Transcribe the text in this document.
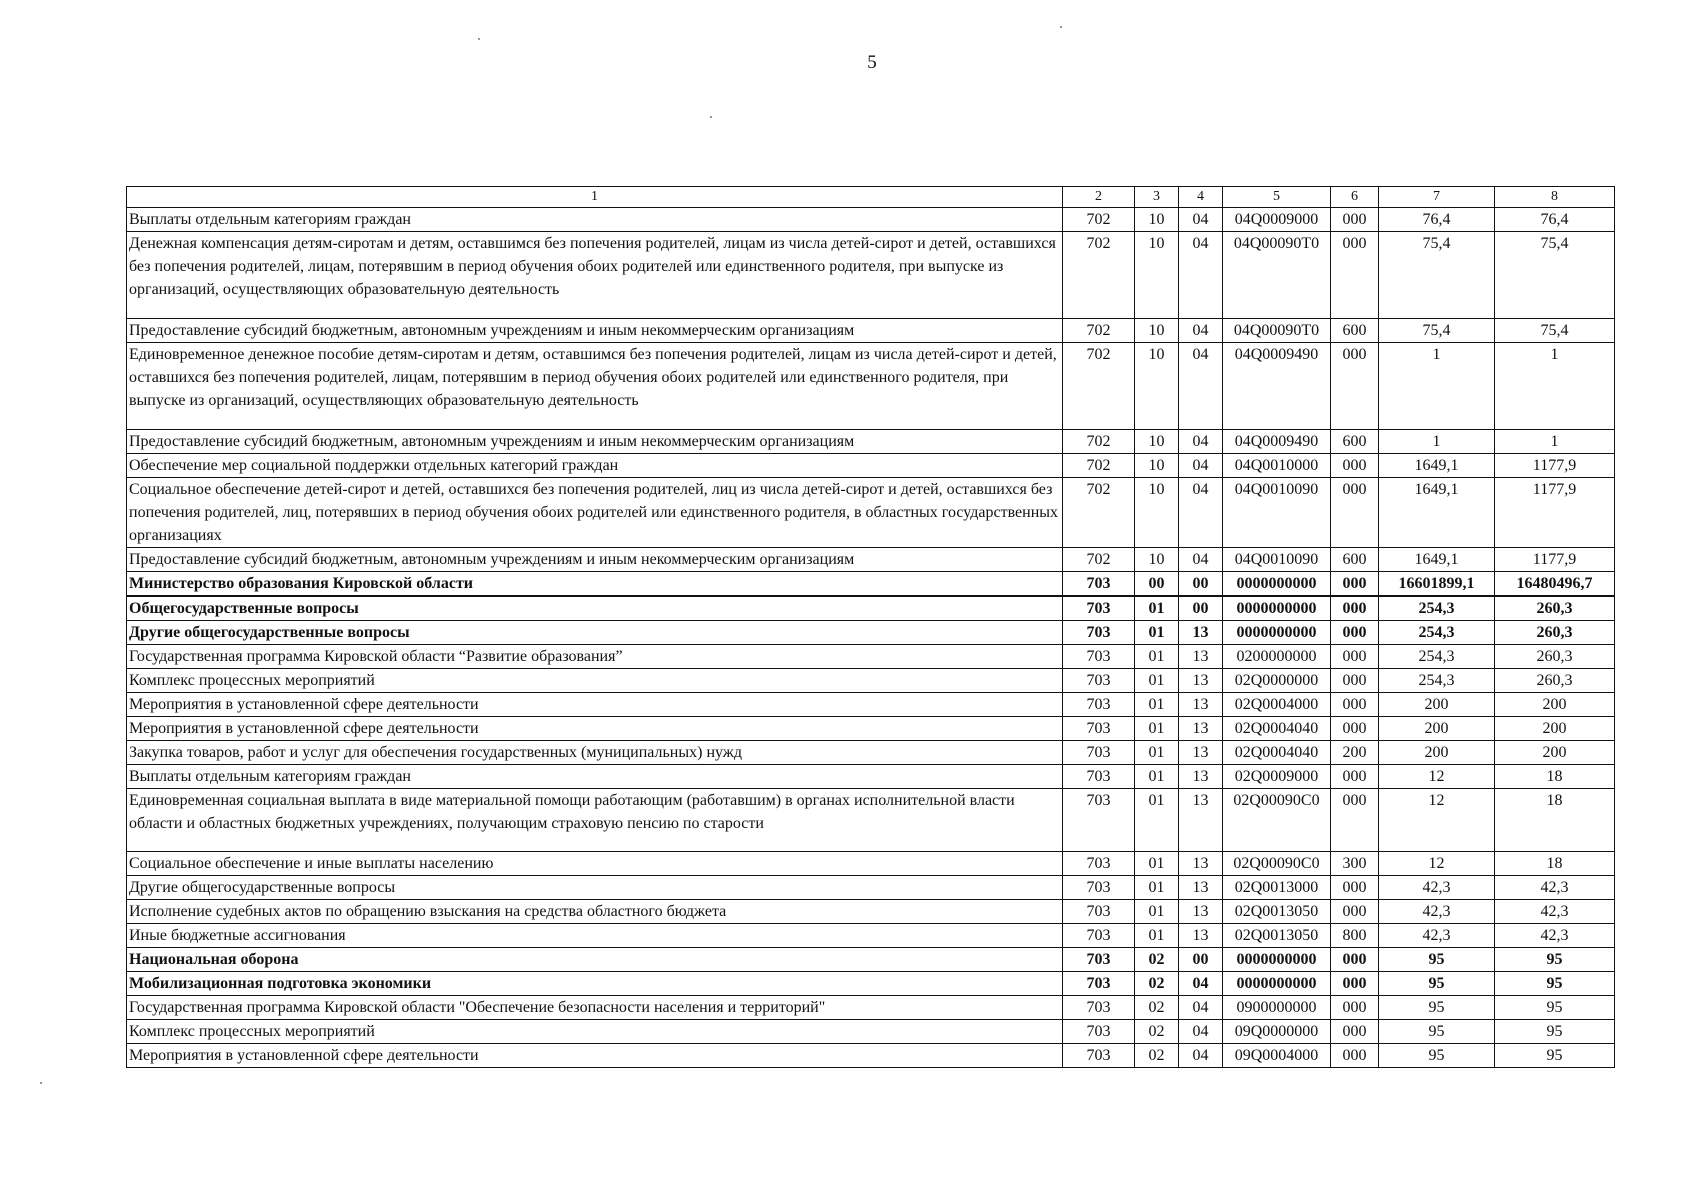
5
1	2	3	4	5	6	7	8
Выплаты отдельным категориям граждан	702	10	04	04Q0009000	000	76,4	76,4
Денежная компенсация детям-сиротам и детям, оставшимся без попечения родителей, лицам из числа детей-сирот и детей, оставшихся без попечения родителей, лицам, потерявшим в период обучения обоих родителей или единственного родителя, при выпуске из организаций, осуществляющих образовательную деятельность	702	10	04	04Q00090Т0	000	75,4	75,4
Предоставление субсидий бюджетным, автономным учреждениям и иным некоммерческим организациям	702	10	04	04Q00090Т0	600	75,4	75,4
Единовременное денежное пособие детям-сиротам и детям, оставшимся без попечения родителей, лицам из числа детей-сирот и детей, оставшихся без попечения родителей, лицам, потерявшим в период обучения обоих родителей или единственного родителя, при выпуске из организаций, осуществляющих образовательную деятельность	702	10	04	04Q0009490	000	1	1
Предоставление субсидий бюджетным, автономным учреждениям и иным некоммерческим организациям	702	10	04	04Q0009490	600	1	1
Обеспечение мер социальной поддержки отдельных категорий граждан	702	10	04	04Q0010000	000	1649,1	1177,9
Социальное обеспечение детей-сирот и детей, оставшихся без попечения родителей, лиц из числа детей-сирот и детей, оставшихся без попечения родителей, лиц, потерявших в период обучения обоих родителей или единственного родителя, в областных государственных организациях	702	10	04	04Q0010090	000	1649,1	1177,9
Предоставление субсидий бюджетным, автономным учреждениям и иным некоммерческим организациям	702	10	04	04Q0010090	600	1649,1	1177,9
Министерство образования Кировской области	703	00	00	0000000000	000	16601899,1	16480496,7
Общегосударственные вопросы	703	01	00	0000000000	000	254,3	260,3
Другие общегосударственные вопросы	703	01	13	0000000000	000	254,3	260,3
Государственная программа Кировской области “Развитие образования”	703	01	13	0200000000	000	254,3	260,3
Комплекс процессных мероприятий	703	01	13	02Q0000000	000	254,3	260,3
Мероприятия в установленной сфере деятельности	703	01	13	02Q0004000	000	200	200
Мероприятия в установленной сфере деятельности	703	01	13	02Q0004040	000	200	200
Закупка товаров, работ и услуг для обеспечения государственных (муниципальных) нужд	703	01	13	02Q0004040	200	200	200
Выплаты отдельным категориям граждан	703	01	13	02Q0009000	000	12	18
Единовременная социальная выплата в виде материальной помощи работающим (работавшим) в органах исполнительной власти области и областных бюджетных учреждениях, получающим страховую пенсию по старости	703	01	13	02Q00090С0	000	12	18
Социальное обеспечение и иные выплаты населению	703	01	13	02Q00090С0	300	12	18
Другие общегосударственные вопросы	703	01	13	02Q0013000	000	42,3	42,3
Исполнение судебных актов по обращению взыскания на средства областного бюджета	703	01	13	02Q0013050	000	42,3	42,3
Иные бюджетные ассигнования	703	01	13	02Q0013050	800	42,3	42,3
Национальная оборона	703	02	00	0000000000	000	95	95
Мобилизационная подготовка экономики	703	02	04	0000000000	000	95	95
Государственная программа Кировской области "Обеспечение безопасности населения и территорий"	703	02	04	0900000000	000	95	95
Комплекс процессных мероприятий	703	02	04	09Q0000000	000	95	95
Мероприятия в установленной сфере деятельности	703	02	04	09Q0004000	000	95	95
